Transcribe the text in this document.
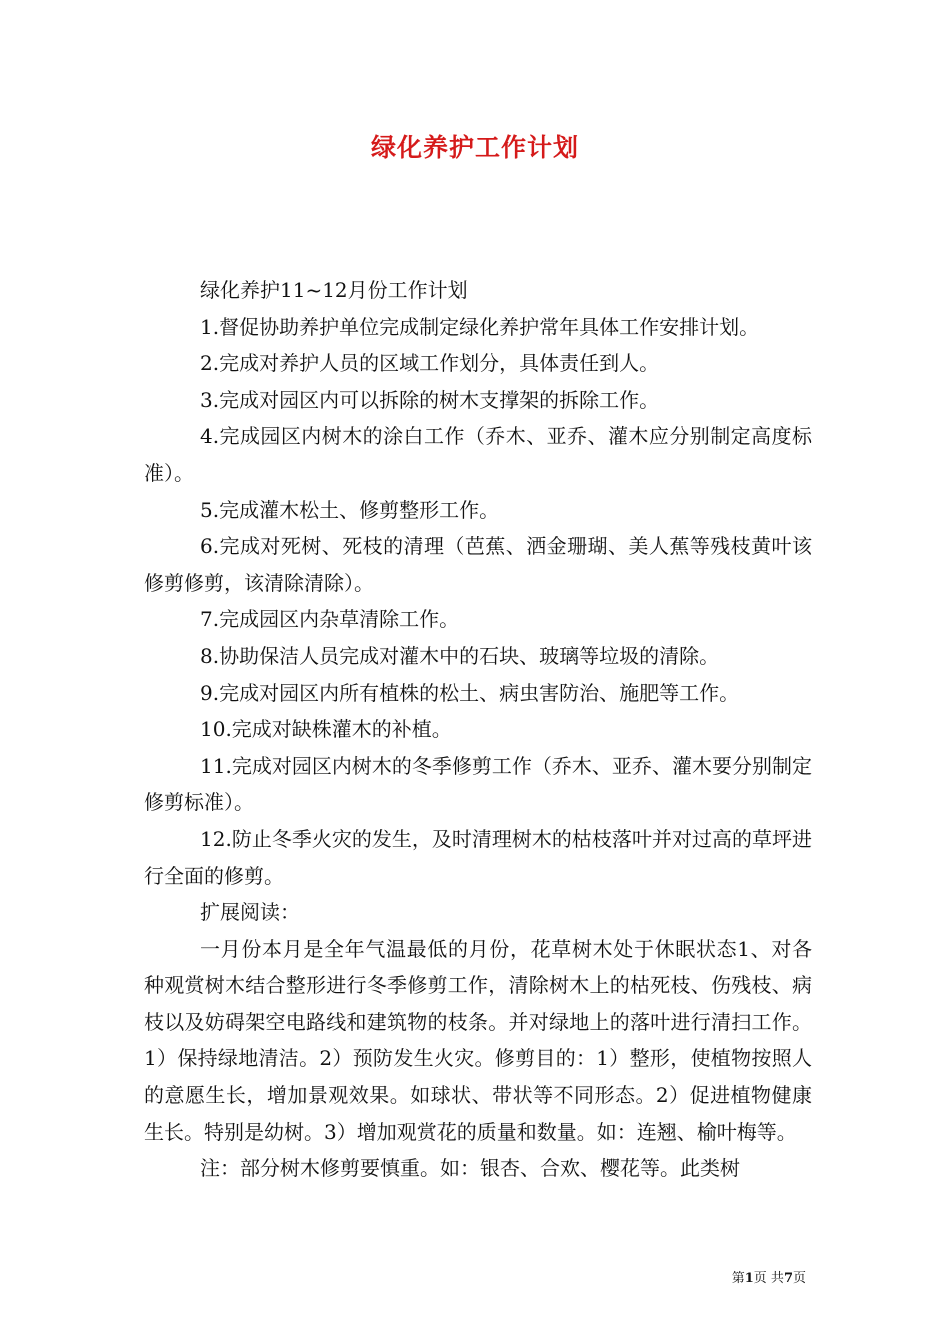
绿化养护工作计划

绿化养护11~12月份工作计划

1.督促协助养护单位完成制定绿化养护常年具体工作安排计划。

2.完成对养护人员的区域工作划分，具体责任到人。

3.完成对园区内可以拆除的树木支撑架的拆除工作。

4.完成园区内树木的涂白工作（乔木、亚乔、灌木应分别制定高度标准）。

5.完成灌木松土、修剪整形工作。

6.完成对死树、死枝的清理（芭蕉、洒金珊瑚、美人蕉等残枝黄叶该修剪修剪，该清除清除）。

7.完成园区内杂草清除工作。

8.协助保洁人员完成对灌木中的石块、玻璃等垃圾的清除。

9.完成对园区内所有植株的松土、病虫害防治、施肥等工作。

10.完成对缺株灌木的补植。

11.完成对园区内树木的冬季修剪工作（乔木、亚乔、灌木要分别制定修剪标准）。

12.防止冬季火灾的发生，及时清理树木的枯枝落叶并对过高的草坪进行全面的修剪。

扩展阅读：

一月份本月是全年气温最低的月份，花草树木处于休眠状态1、对各种观赏树木结合整形进行冬季修剪工作，清除树木上的枯死枝、伤残枝、病枝以及妨碍架空电路线和建筑物的枝条。并对绿地上的落叶进行清扫工作。1）保持绿地清洁。2）预防发生火灾。修剪目的：1）整形，使植物按照人的意愿生长，增加景观效果。如球状、带状等不同形态。2）促进植物健康生长。特别是幼树。3）增加观赏花的质量和数量。如：连翘、榆叶梅等。

注：部分树木修剪要慎重。如：银杏、合欢、樱花等。此类树

第1页 共7页
